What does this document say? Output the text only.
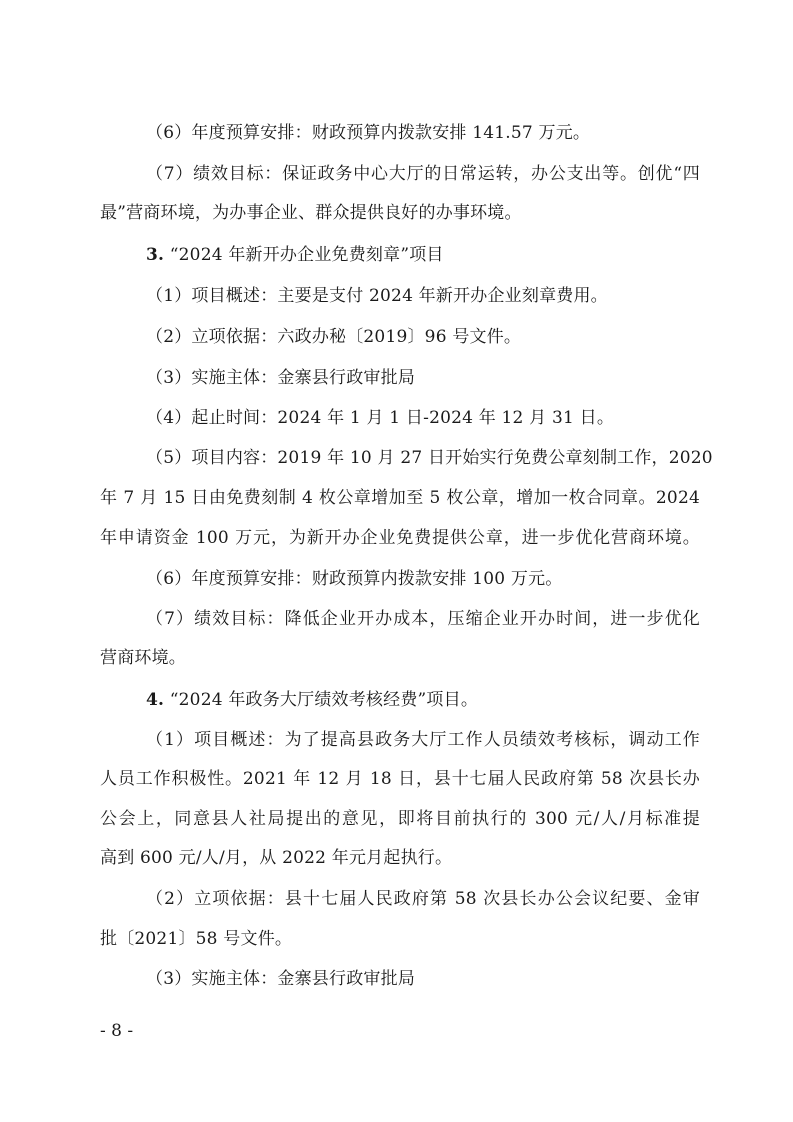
（6）年度预算安排：财政预算内拨款安排 141.57 万元。
（7）绩效目标：保证政务中心大厅的日常运转，办公支出等。创优“四
最”营商环境，为办事企业、群众提供良好的办事环境。
3. “2024 年新开办企业免费刻章”项目
（1）项目概述：主要是支付 2024 年新开办企业刻章费用。
（2）立项依据：六政办秘〔2019〕96 号文件。
（3）实施主体：金寨县行政审批局
（4）起止时间：2024 年 1 月 1 日-2024 年 12 月 31 日。
（5）项目内容：2019 年 10 月 27 日开始实行免费公章刻制工作，2020
年 7 月 15 日由免费刻制 4 枚公章增加至 5 枚公章，增加一枚合同章。2024
年申请资金 100 万元，为新开办企业免费提供公章，进一步优化营商环境。
（6）年度预算安排：财政预算内拨款安排 100 万元。
（7）绩效目标：降低企业开办成本，压缩企业开办时间，进一步优化
营商环境。
4. “2024 年政务大厅绩效考核经费”项目。
（1）项目概述：为了提高县政务大厅工作人员绩效考核标，调动工作
人员工作积极性。2021 年 12 月 18 日，县十七届人民政府第 58 次县长办
公会上，同意县人社局提出的意见，即将目前执行的 300 元/人/月标准提
高到 600 元/人/月，从 2022 年元月起执行。
（2）立项依据：县十七届人民政府第 58 次县长办公会议纪要、金审
批〔2021〕58 号文件。
（3）实施主体：金寨县行政审批局
- 8 -
